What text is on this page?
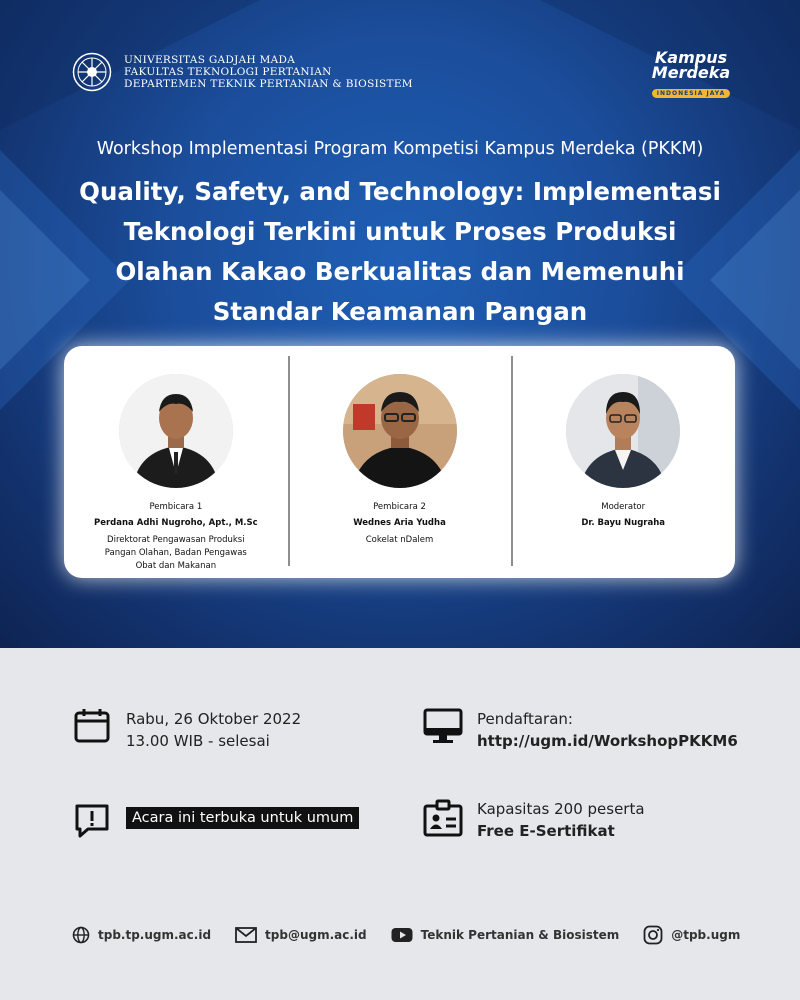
UNIVERSITAS GADJAH MADA
FAKULTAS TEKNOLOGI PERTANIAN
DEPARTEMEN TEKNIK PERTANIAN & BIOSISTEM
Kampus
Merdeka
INDONESIA JAYA
Workshop Implementasi Program Kompetisi Kampus Merdeka (PKKM)
Quality, Safety, and Technology: Implementasi
Teknologi Terkini untuk Proses Produksi
Olahan Kakao Berkualitas dan Memenuhi
Standar Keamanan Pangan
Pembicara 1
Perdana Adhi Nugroho, Apt., M.Sc
Direktorat Pengawasan Produksi
Pangan Olahan, Badan Pengawas
Obat dan Makanan
Pembicara 2
Wednes Aria Yudha
Cokelat nDalem
Moderator
Dr. Bayu Nugraha
Rabu, 26 Oktober 2022
13.00 WIB - selesai
Pendaftaran:
http://ugm.id/WorkshopPKKM6
Acara ini terbuka untuk umum	Kapasitas 200 peserta
Free E-Sertifikat
tpb.tp.ugm.ac.id	tpb@ugm.ac.id	Teknik Pertanian & Biosistem	@tpb.ugm
